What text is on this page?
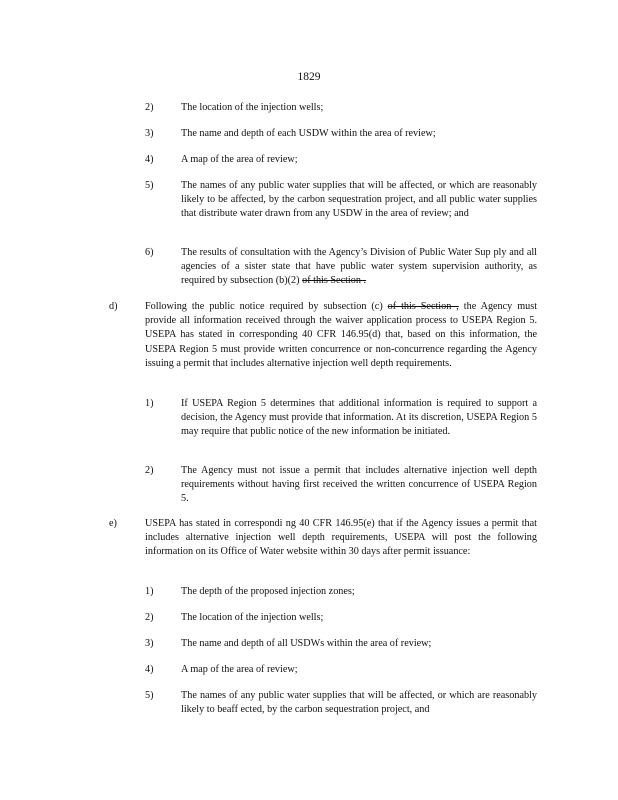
1829
2)	The location of the injection wells;
3)	The name and depth of each USDW within the area of review;
4)	A map of the area of review;
5)	The names of any public water supplies that will be affected, or which are reasonably likely to be affected, by the carbon sequestration project, and all public water supplies that distribute water drawn from any USDW in the area of review; and
6)	The results of consultation with the Agency’s Division of Public Water Sup ply and all agencies of a sister state that have public water system supervision authority, as required by subsection (b)(2) of this Section .
d)	Following the public notice required by subsection (c) of this Section , the Agency must provide all information received through the waiver application process to USEPA Region 5. USEPA has stated in corresponding 40 CFR 146.95(d) that, based on this information, the USEPA Region 5 must provide written concurrence or non-concurrence regarding the Agency issuing a permit that includes alternative injection well depth requirements.
1)	If USEPA Region 5 determines that additional information is required to support a decision, the Agency must provide that information. At its discretion, USEPA Region 5 may require that public notice of the new information be initiated.
2)	The Agency must not issue a permit that includes alternative injection well depth requirements without having first received the written concurrence of USEPA Region 5.
e)	USEPA has stated in correspondi ng 40 CFR 146.95(e) that if the Agency issues a permit that includes alternative injection well depth requirements, USEPA will post the following information on its Office of Water website within 30 days after permit issuance:
1)	The depth of the proposed injection zones;
2)	The location of the injection wells;
3)	The name and depth of all USDWs within the area of review;
4)	A map of the area of review;
5)	The names of any public water supplies that will be affected, or which are reasonably likely to beaff ected, by the carbon sequestration project, and
